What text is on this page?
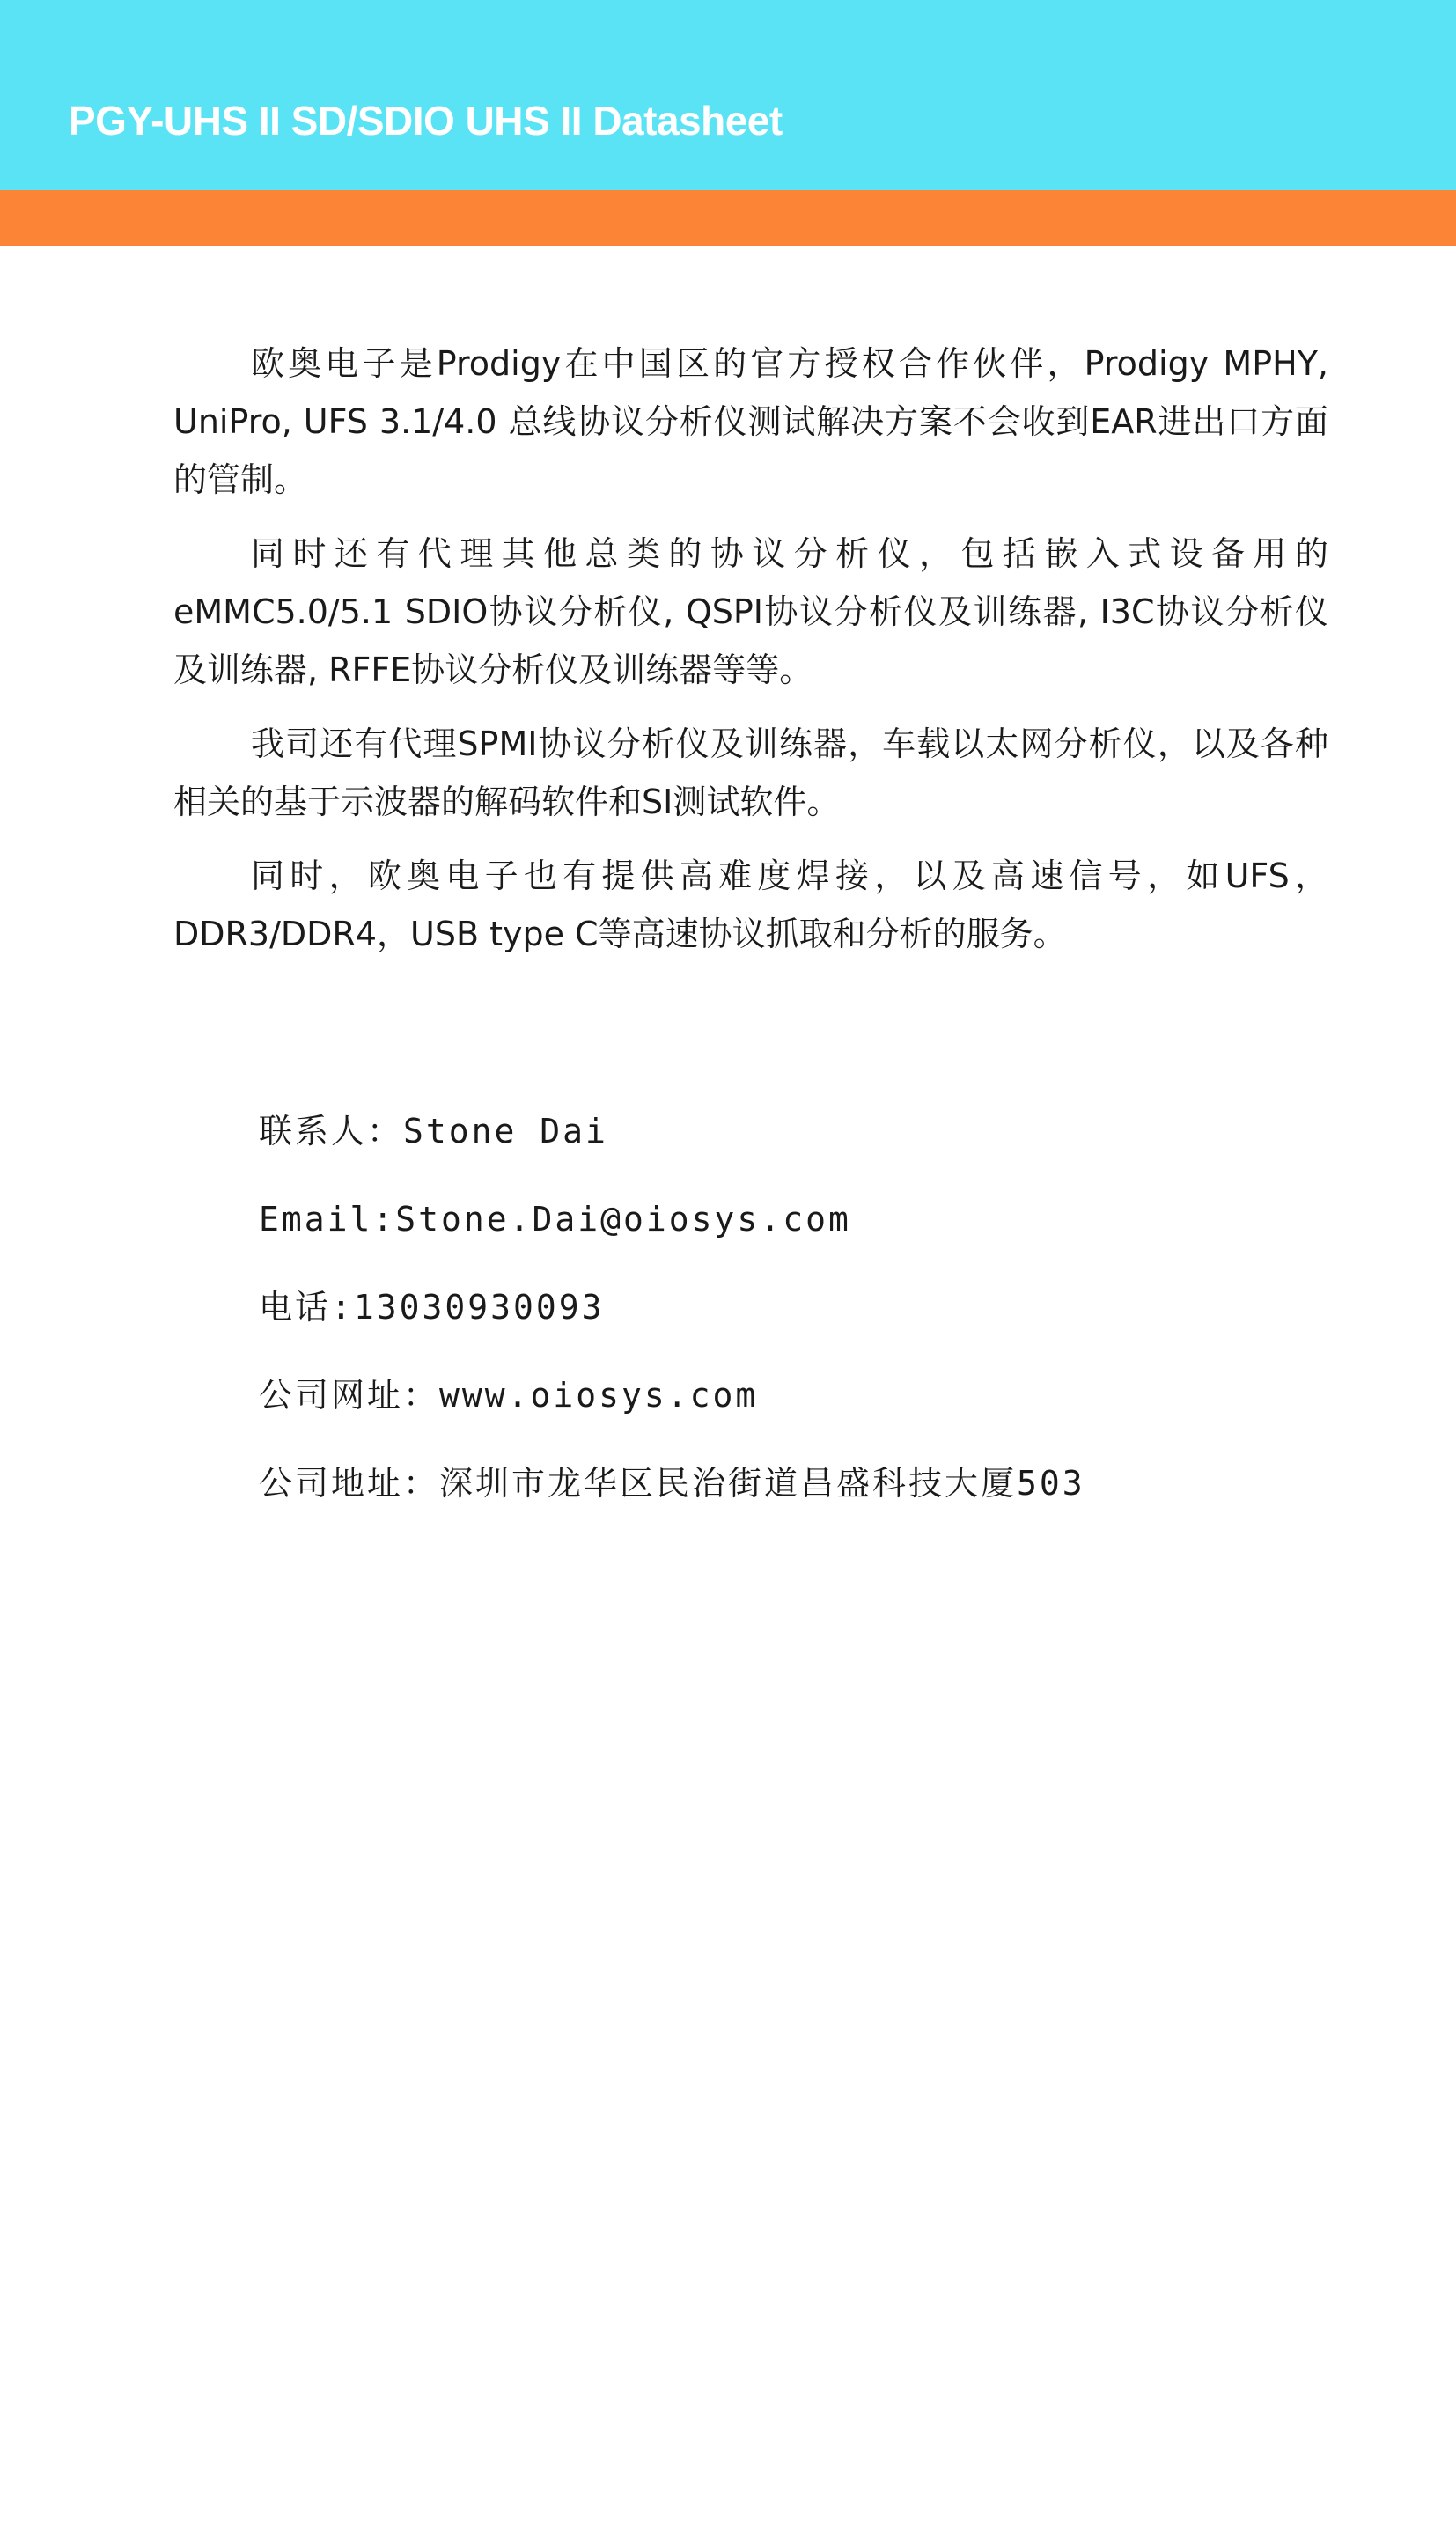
PGY-UHS II SD/SDIO UHS II Datasheet

欧奥电子是Prodigy在中国区的官方授权合作伙伴，Prodigy MPHY, UniPro, UFS 3.1/4.0 总线协议分析仪测试解决方案不会收到EAR进出口方面的管制。

同时还有代理其他总类的协议分析仪，包括嵌入式设备用的eMMC5.0/5.1 SDIO协议分析仪, QSPI协议分析仪及训练器, I3C协议分析仪及训练器, RFFE协议分析仪及训练器等等。

我司还有代理SPMI协议分析仪及训练器，车载以太网分析仪，以及各种相关的基于示波器的解码软件和SI测试软件。

同时，欧奥电子也有提供高难度焊接，以及高速信号，如UFS，DDR3/DDR4，USB type C等高速协议抓取和分析的服务。

联系人：Stone Dai
Email:Stone.Dai@oiosys.com
电话:13030930093
公司网址：www.oiosys.com
公司地址：深圳市龙华区民治街道昌盛科技大厦503
